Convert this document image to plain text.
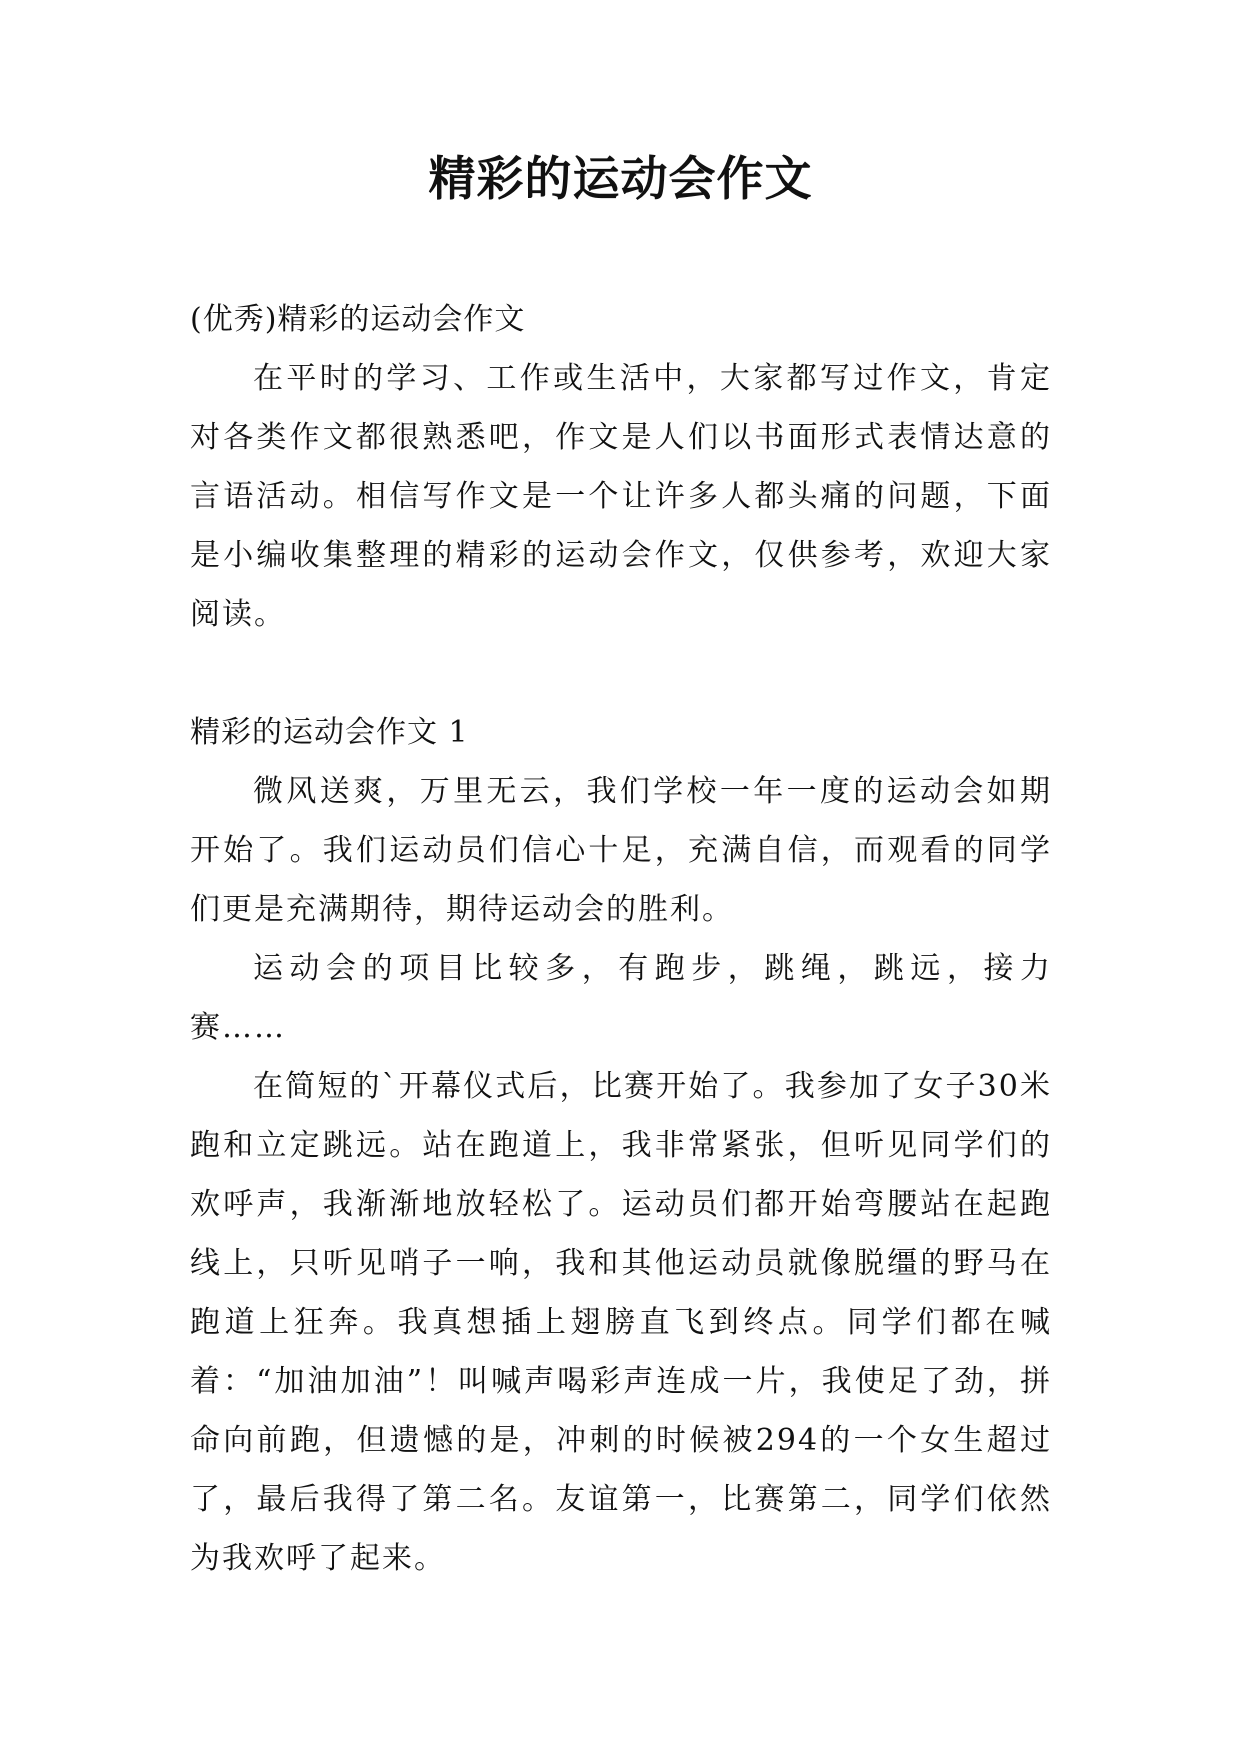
精彩的运动会作文

(优秀)精彩的运动会作文

在平时的学习、工作或生活中，大家都写过作文，肯定对各类作文都很熟悉吧，作文是人们以书面形式表情达意的言语活动。相信写作文是一个让许多人都头痛的问题，下面是小编收集整理的精彩的运动会作文，仅供参考，欢迎大家阅读。

精彩的运动会作文 1

微风送爽，万里无云，我们学校一年一度的运动会如期开始了。我们运动员们信心十足，充满自信，而观看的同学们更是充满期待，期待运动会的胜利。

运动会的项目比较多，有跑步，跳绳，跳远，接力赛……

在简短的`开幕仪式后，比赛开始了。我参加了女子30米跑和立定跳远。站在跑道上，我非常紧张，但听见同学们的欢呼声，我渐渐地放轻松了。运动员们都开始弯腰站在起跑线上，只听见哨子一响，我和其他运动员就像脱缰的野马在跑道上狂奔。我真想插上翅膀直飞到终点。同学们都在喊着：“加油加油”！叫喊声喝彩声连成一片，我使足了劲，拼命向前跑，但遗憾的是，冲刺的时候被294的一个女生超过了，最后我得了第二名。友谊第一，比赛第二，同学们依然为我欢呼了起来。
